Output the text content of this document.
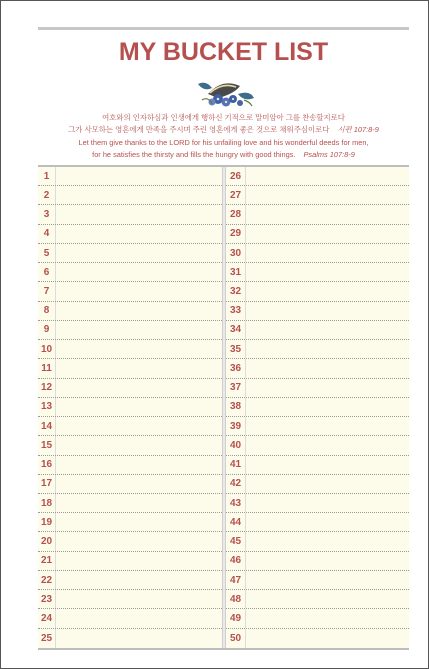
MY BUCKET LIST
여호와의 인자하심과 인생에게 행하신 기적으로 말미암아 그를 찬송할지로다
그가 사모하는 영혼에게 만족을 주시며 주린 영혼에게 좋은 것으로 채워주심이로다 시편 107:8-9
Let them give thanks to the LORD for his unfailing love and his wonderful deeds for men,
for he satisfies the thirsty and fills the hungry with good things. Psalms 107:8-9
1
2
3
4
5
6
7
8
9
10
11
12
13
14
15
16
17
18
19
20
21
22
23
24
25
26
27
28
29
30
31
32
33
34
35
36
37
38
39
40
41
42
43
44
45
46
47
48
49
50
